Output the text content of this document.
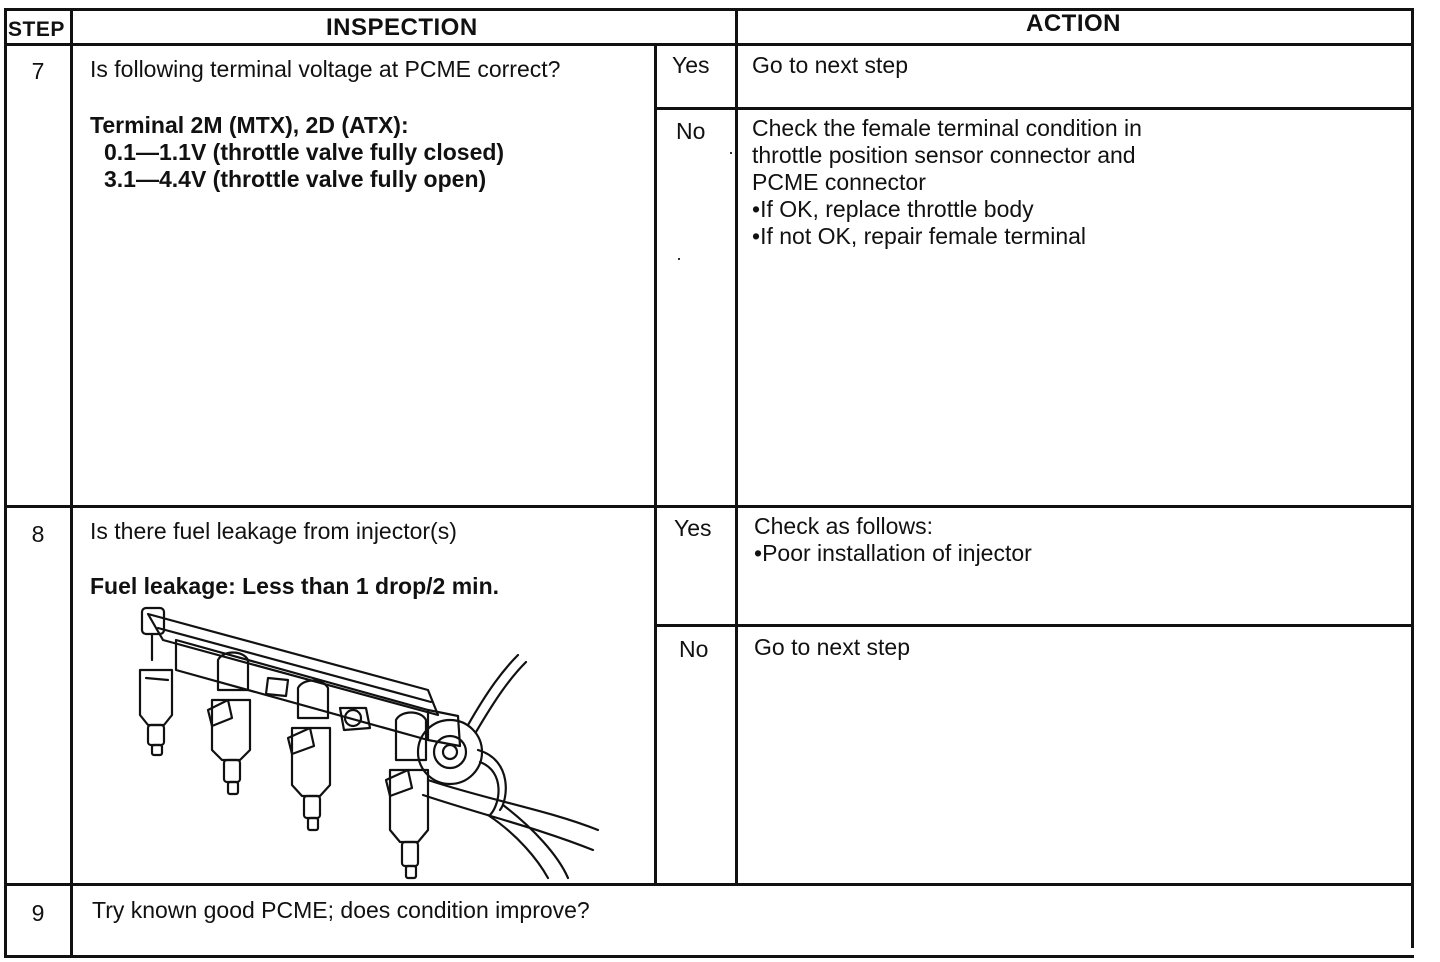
STEP	INSPECTION	ACTION
7	Is following terminal voltage at PCME correct?
Terminal 2M (MTX), 2D (ATX):
0.1—1.1V (throttle valve fully closed)
3.1—4.4V (throttle valve fully open)
Yes Go to next step
No Check the female terminal condition in
throttle position sensor connector and
PCME connector
•If OK, replace throttle body
•If not OK, repair female terminal
8	Is there fuel leakage from injector(s)
Fuel leakage: Less than 1 drop/2 min.
Yes Check as follows:
•Poor installation of injector
No Go to next step
9	Try known good PCME; does condition improve?
